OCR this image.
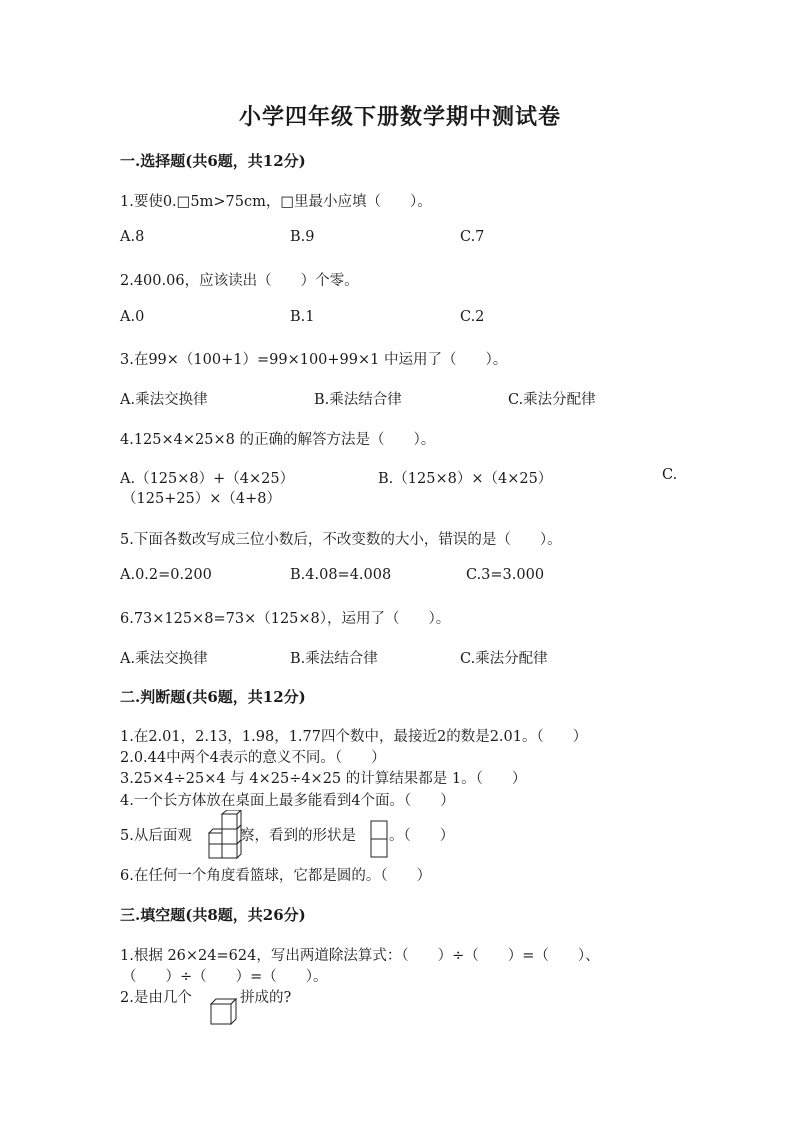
小学四年级下册数学期中测试卷
一.选择题(共6题，共12分)
1.要使0.□5m>75cm，□里最小应填（　　）。
A.8	B.9	C.7
2.400.06，应该读出（　　）个零。
A.0	B.1	C.2
3.在99×（100+1）=99×100+99×1 中运用了（　　）。
A.乘法交换律	B.乘法结合律	C.乘法分配律
4.125×4×25×8 的正确的解答方法是（　　）。
A.（125×8）+（4×25）	B.（125×8）×（4×25）	C.
（125+25）×（4+8）
5.下面各数改写成三位小数后，不改变数的大小，错误的是（　　）。
A.0.2=0.200	B.4.08=4.008	C.3=3.000
6.73×125×8=73×（125×8），运用了（　　）。
A.乘法交换律	B.乘法结合律	C.乘法分配律
二.判断题(共6题，共12分)
1.在2.01，2.13，1.98，1.77四个数中，最接近2的数是2.01。（　　）
2.0.44中两个4表示的意义不同。（　　）
3.25×4÷25×4 与 4×25÷4×25 的计算结果都是 1。（　　）
4.一个长方体放在桌面上最多能看到4个面。（　　）
5.从后面观	察，看到的形状是 。（　　）
6.在任何一个角度看篮球，它都是圆的。（　　）
三.填空题(共8题，共26分)
1.根据 26×24=624，写出两道除法算式：（　　）÷（　　）=（　　）、
（　　）÷（　　）=（　　）。
2.是由几个	拼成的?
